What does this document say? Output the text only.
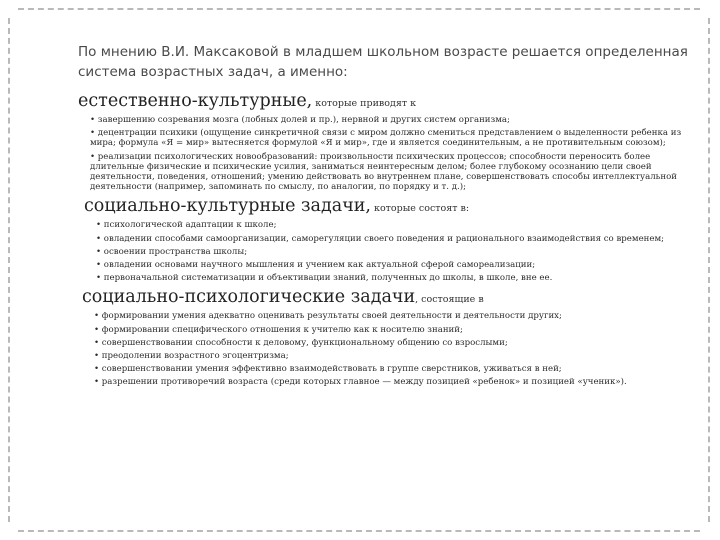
По мнению В.И. Максаковой в младшем школьном возрасте решается определенная система возрастных задач, а именно:

естественно-культурные, которые приводят к

• завершению созревания мозга (лобных долей и пр.), нервной и других систем организма;
• децентрации психики (ощущение синкретичной связи с миром должно смениться представлением о выделенности ребенка из мира; формула «Я = мир» вытесняется формулой «Я и мир», где и является соединительным, а не противительным союзом);
• реализации психологических новообразований: произвольности психических процессов; способности переносить более длительные физические и психические усилия, заниматься неинтересным делом; более глубокому осознанию цели своей деятельности, поведения, отношений; умению действовать во внутреннем плане, совершенствовать способы интеллектуальной деятельности (например, запоминать по смыслу, по аналогии, по порядку и т. д.);

социально-культурные задачи, которые состоят в:

• психологической адаптации к школе;
• овладении способами самоорганизации, саморегуляции своего поведения и рационального взаимодействия со временем;
• освоении пространства школы;
• овладении основами научного мышления и учением как актуальной сферой самореализации;
• первоначальной систематизации и объективации знаний, полученных до школы, в школе, вне ее.

социально-психологические задачи, состоящие в

• формировании умения адекватно оценивать результаты своей деятельности и деятельности других;
• формировании специфического отношения к учителю как к носителю знаний;
• совершенствовании способности к деловому, функциональному общению со взрослыми;
• преодолении возрастного эгоцентризма;
• совершенствовании умения эффективно взаимодействовать в группе сверстников, уживаться в ней;
• разрешении противоречий возраста (среди которых главное — между позицией «ребенок» и позицией «ученик»).
